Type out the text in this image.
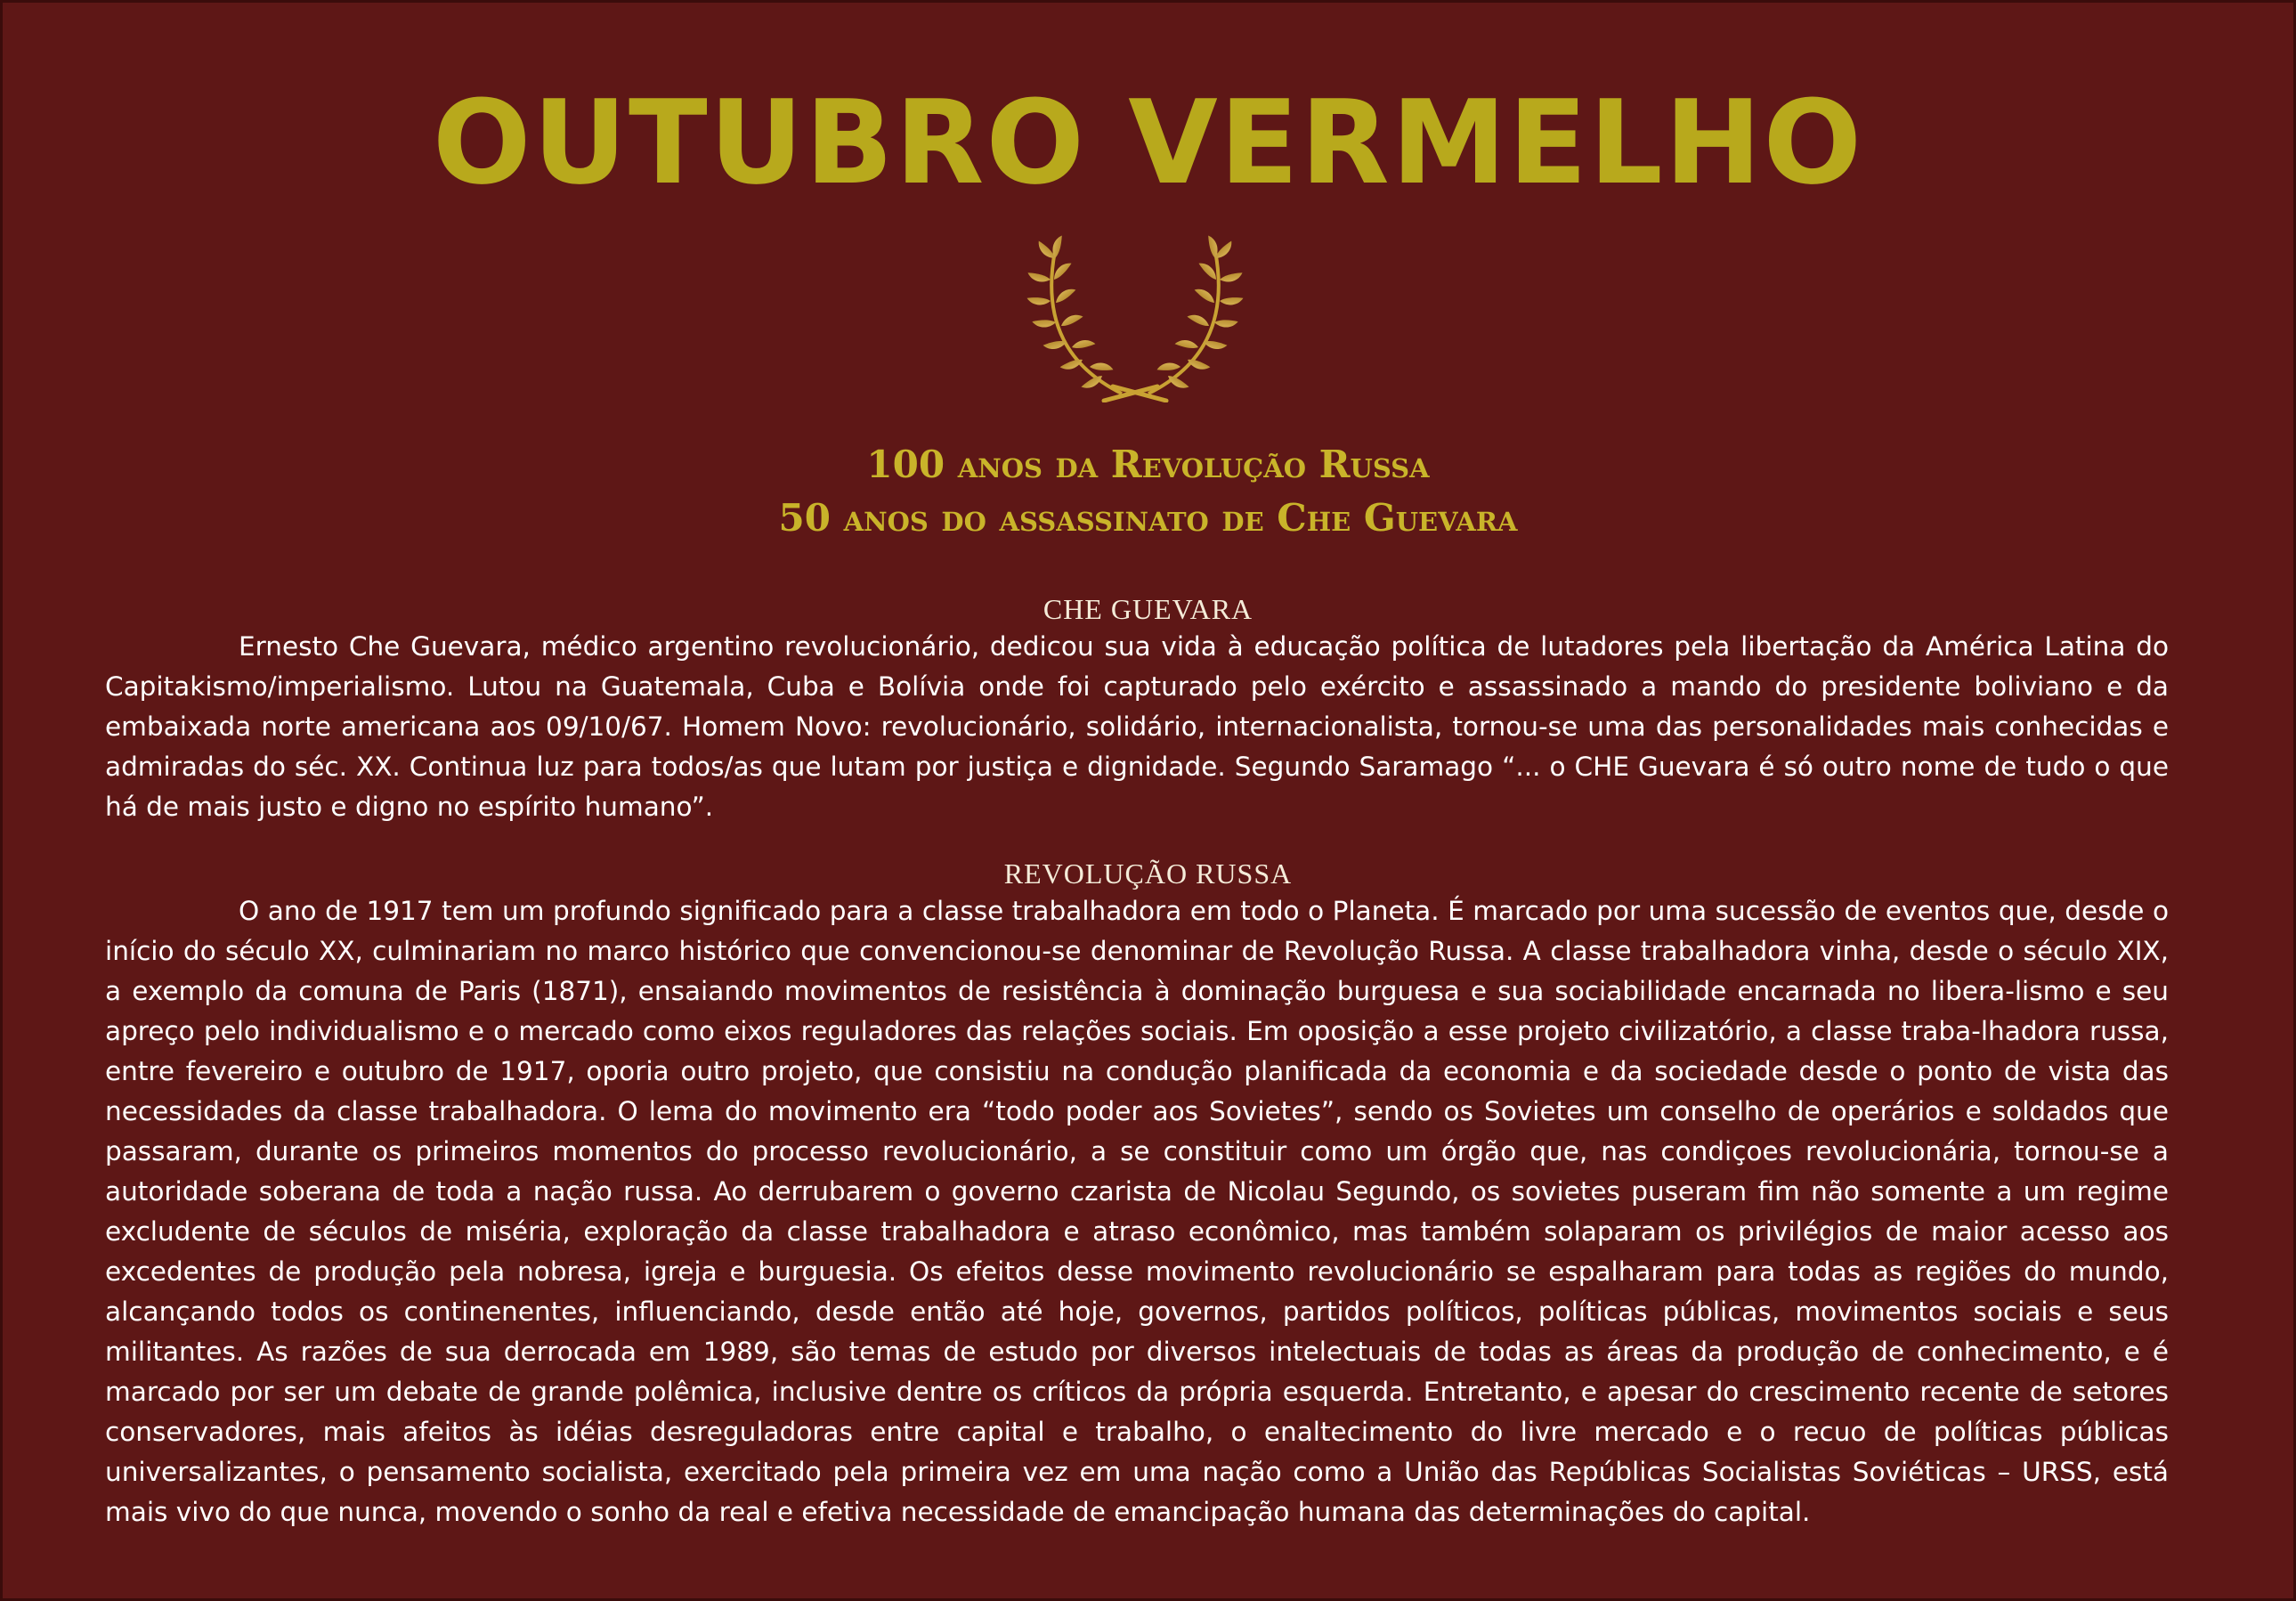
OUTUBRO VERMELHO
100 anos da Revolução Russa
50 anos do assassinato de Che Guevara
CHE GUEVARA

Ernesto Che Guevara, médico argentino revolucionário, dedicou sua vida à educação política de lutadores pela libertação da América Latina do Capitakismo/imperialismo. Lutou na Guatemala, Cuba e Bolívia onde foi capturado pelo exército e assassinado a mando do presidente boliviano e da embaixada norte americana aos 09/10/67. Homem Novo: revolucionário, solidário, internacionalista, tornou-se uma das personalidades mais conhecidas e admiradas do séc. XX. Continua luz para todos/as que lutam por justiça e dignidade. Segundo Saramago “... o CHE Guevara é só outro nome de tudo o que há de mais justo e digno no espírito humano”.

REVOLUÇÃO RUSSA

O ano de 1917 tem um profundo significado para a classe trabalhadora em todo o Planeta. É marcado por uma sucessão de eventos que, desde o início do século XX, culminariam no marco histórico que convencionou-se denominar de Revolução Russa. A classe trabalhadora vinha, desde o século XIX, a exemplo da comuna de Paris (1871), ensaiando movimentos de resistência à dominação burguesa e sua sociabilidade encarnada no libera-lismo e seu apreço pelo individualismo e o mercado como eixos reguladores das relações sociais. Em oposição a esse projeto civilizatório, a classe traba-lhadora russa, entre fevereiro e outubro de 1917, oporia outro projeto, que consistiu na condução planificada da economia e da sociedade desde o ponto de vista das necessidades da classe trabalhadora. O lema do movimento era “todo poder aos Sovietes”, sendo os Sovietes um conselho de operários e soldados que passaram, durante os primeiros momentos do processo revolucionário, a se constituir como um órgão que, nas condiçoes revolucionária, tornou-se a autoridade soberana de toda a nação russa. Ao derrubarem o governo czarista de Nicolau Segundo, os sovietes puseram fim não somente a um regime excludente de séculos de miséria, exploração da classe trabalhadora e atraso econômico, mas também solaparam os privilégios de maior acesso aos excedentes de produção pela nobresa, igreja e burguesia. Os efeitos desse movimento revolucionário se espalharam para todas as regiões do mundo, alcançando todos os continenentes, influenciando, desde então até hoje, governos, partidos políticos, políticas públicas, movimentos sociais e seus militantes. As razões de sua derrocada em 1989, são temas de estudo por diversos intelectuais de todas as áreas da produção de conhecimento, e é marcado por ser um debate de grande polêmica, inclusive dentre os críticos da própria esquerda. Entretanto, e apesar do crescimento recente de setores conservadores, mais afeitos às idéias desreguladoras entre capital e trabalho, o enaltecimento do livre mercado e o recuo de políticas públicas universalizantes, o pensamento socialista, exercitado pela primeira vez em uma nação como a União das Repúblicas Socialistas Soviéticas – URSS, está mais vivo do que nunca, movendo o sonho da real e efetiva necessidade de emancipação humana das determinações do capital.
